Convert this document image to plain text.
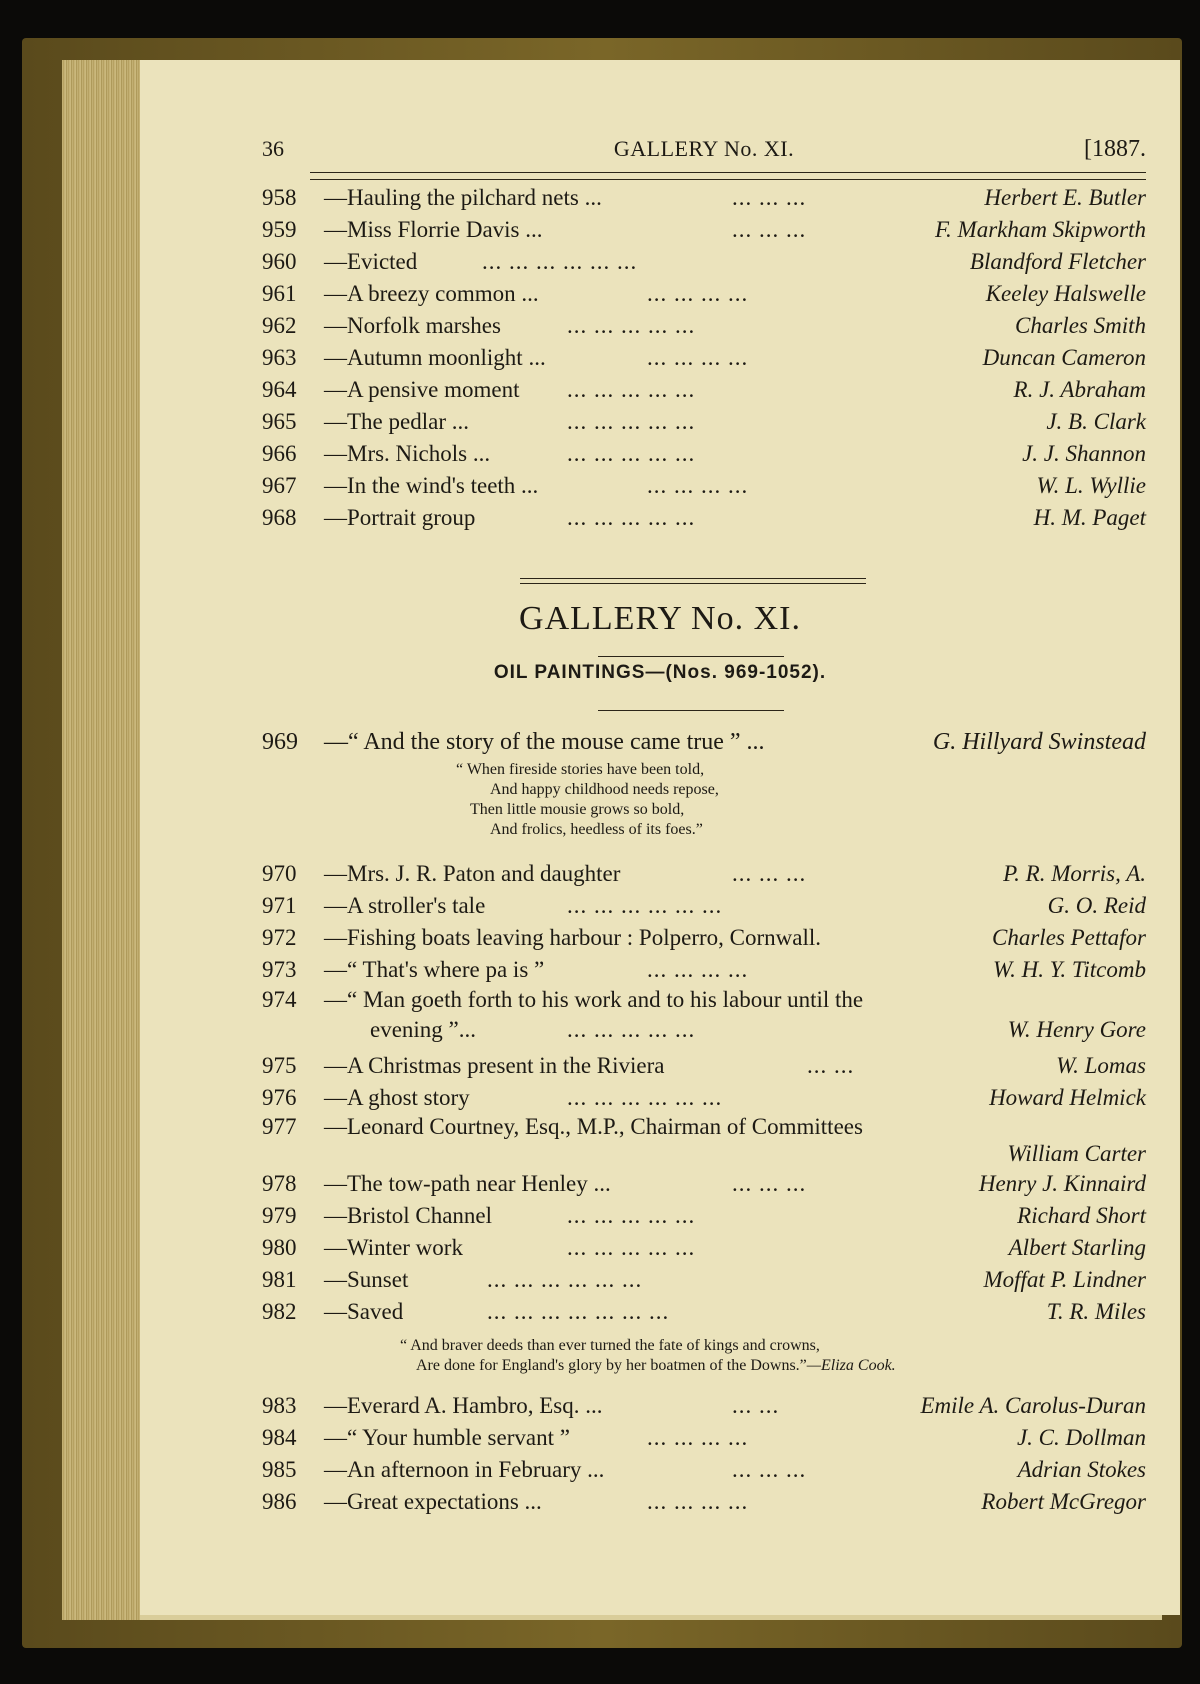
36	GALLERY No. XI.	[1887.
958 —Hauling the pilchard nets ...	... ... ...	Herbert E. Butler
959 —Miss Florrie Davis ...	... ... ...	F. Markham Skipworth
960 —Evicted	... ... ... ... ... ...	Blandford Fletcher
961 —A breezy common ...	... ... ... ...	Keeley Halswelle
962 —Norfolk marshes	... ... ... ... ...	Charles Smith
963 —Autumn moonlight ...	... ... ... ...	Duncan Cameron
964 —A pensive moment ... ... ... ... ...	R. J. Abraham
965 —The pedlar ...	... ... ... ... ...	J. B. Clark
966 —Mrs. Nichols ...	... ... ... ... ...	J. J. Shannon
967 —In the wind's teeth ...	... ... ... ...	W. L. Wyllie
968 —Portrait group	... ... ... ... ...	H. M. Paget
GALLERY No. XI.
OIL PAINTINGS—(Nos. 969-1052).
969 —“ And the story of the mouse came true ” ...	G. Hillyard Swinstead
“ When fireside stories have been told,
And happy childhood needs repose,
Then little mousie grows so bold,
And frolics, heedless of its foes.”
970 —Mrs. J. R. Paton and daughter	... ... ...	P. R. Morris, A.
971 —A stroller's tale	... ... ... ... ... ...	G. O. Reid
972 —Fishing boats leaving harbour : Polperro, Cornwall.	Charles Pettafor
973 —“ That's where pa is ”	... ... ... ...	W. H. Y. Titcomb
974 —“ Man goeth forth to his work and to his labour until the
evening ”...	... ... ... ... ...	W. Henry Gore
975 —A Christmas present in the Riviera	... ...	W. Lomas
976 —A ghost story	... ... ... ... ... ...	Howard Helmick
977 —Leonard Courtney, Esq., M.P., Chairman of Committees
William Carter
978 —The tow-path near Henley ...	... ... ...	Henry J. Kinnaird
979 —Bristol Channel	... ... ... ... ...	Richard Short
980 —Winter work	... ... ... ... ...	Albert Starling
981 —Sunset	... ... ... ... ... ...	Moffat P. Lindner
982 —Saved	... ... ... ... ... ... ...	T. R. Miles
“ And braver deeds than ever turned the fate of kings and crowns,
Are done for England's glory by her boatmen of the Downs.”—Eliza Cook.
983 —Everard A. Hambro, Esq. ...	... ...	Emile A. Carolus-Duran
984 —“ Your humble servant ”	... ... ... ...	J. C. Dollman
985 —An afternoon in February ...	... ... ...	Adrian Stokes
986 —Great expectations ...	... ... ... ...	Robert McGregor
